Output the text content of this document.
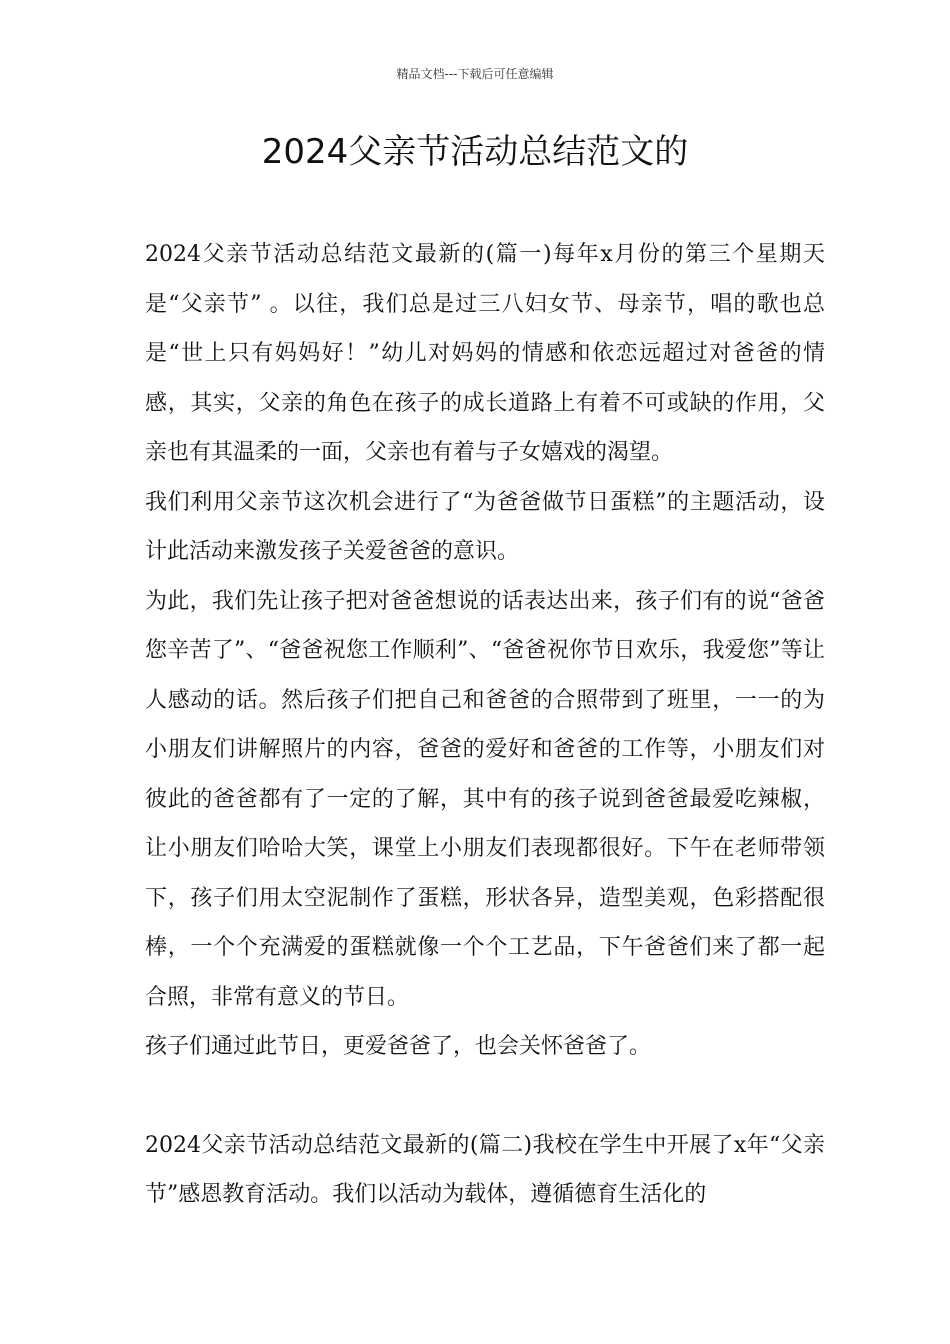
精品文档---下载后可任意编辑
2024父亲节活动总结范文的

2024父亲节活动总结范文最新的(篇一)每年x月份的第三个星期天是“父亲节” 。以往，我们总是过三八妇女节、母亲节，唱的歌也总是“世上只有妈妈好！”幼儿对妈妈的情感和依恋远超过对爸爸的情感，其实，父亲的角色在孩子的成长道路上有着不可或缺的作用，父亲也有其温柔的一面，父亲也有着与子女嬉戏的渴望。

我们利用父亲节这次机会进行了“为爸爸做节日蛋糕”的主题活动，设计此活动来激发孩子关爱爸爸的意识。

为此，我们先让孩子把对爸爸想说的话表达出来，孩子们有的说“爸爸您辛苦了”、“爸爸祝您工作顺利”、“爸爸祝你节日欢乐，我爱您”等让人感动的话。然后孩子们把自己和爸爸的合照带到了班里，一一的为小朋友们讲解照片的内容，爸爸的爱好和爸爸的工作等，小朋友们对彼此的爸爸都有了一定的了解，其中有的孩子说到爸爸最爱吃辣椒，让小朋友们哈哈大笑，课堂上小朋友们表现都很好。下午在老师带领下，孩子们用太空泥制作了蛋糕，形状各异，造型美观，色彩搭配很棒，一个个充满爱的蛋糕就像一个个工艺品，下午爸爸们来了都一起合照，非常有意义的节日。

孩子们通过此节日，更爱爸爸了，也会关怀爸爸了。

2024父亲节活动总结范文最新的(篇二)我校在学生中开展了x年“父亲节”感恩教育活动。我们以活动为载体，遵循德育生活化的
